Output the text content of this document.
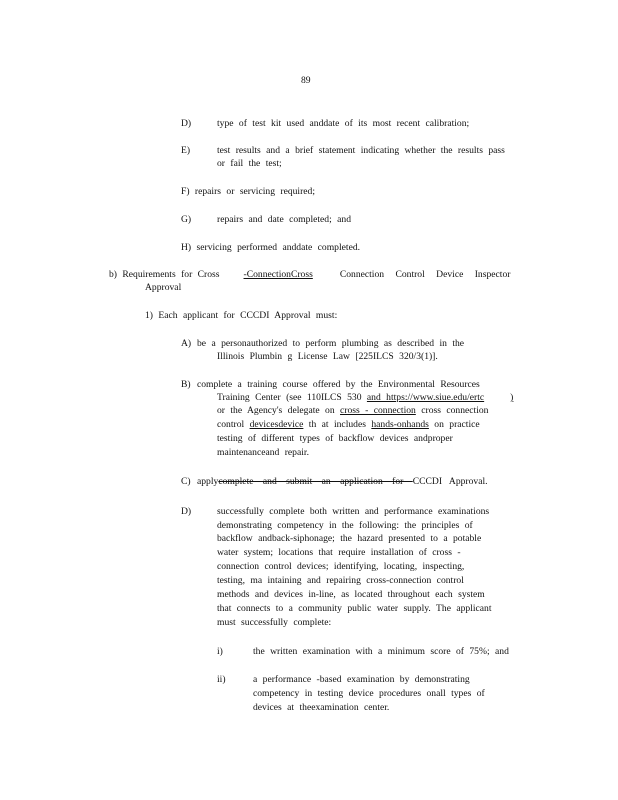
89
D)	type of test kit used anddate of its most recent calibration;
E)	test results and a brief statement indicating whether the results pass
or fail the test;
F) repairs or servicing required;
G)	repairs and date completed; and
H) servicing performed anddate completed.
b) Requirements for Cross	-ConnectionCross	Connection Control Device Inspector
Approval
1) Each applicant for CCCDI Approval must:
A) be a personauthorized to perform plumbing as described in the
Illinois Plumbin g License Law [225ILCS 320/3(1)].
B) complete a training course offered by the Environmental Resources
Training Center (see 110ILCS 530 and https://www.siue.edu/ertc	)
or the Agency's delegate on cross - connection cross connection
control devicesdevice th at includes hands-onhands on practice
testing of different types of backflow devices andproper
maintenanceand repair.
C) applycomplete and submit an application for CCCDI Approval.
D)	successfully complete both written and performance examinations
demonstrating competency in the following: the principles of
backflow andback-siphonage; the hazard presented to a potable
water system; locations that require installation of cross -
connection control devices; identifying, locating, inspecting,
testing, ma intaining and repairing cross-connection control
methods and devices in-line, as located throughout each system
that connects to a community public water supply. The applicant
must successfully complete:
i)	the written examination with a minimum score of 75%; and
ii)	a performance -based examination by demonstrating
competency in testing device procedures onall types of
devices at theexamination center.
